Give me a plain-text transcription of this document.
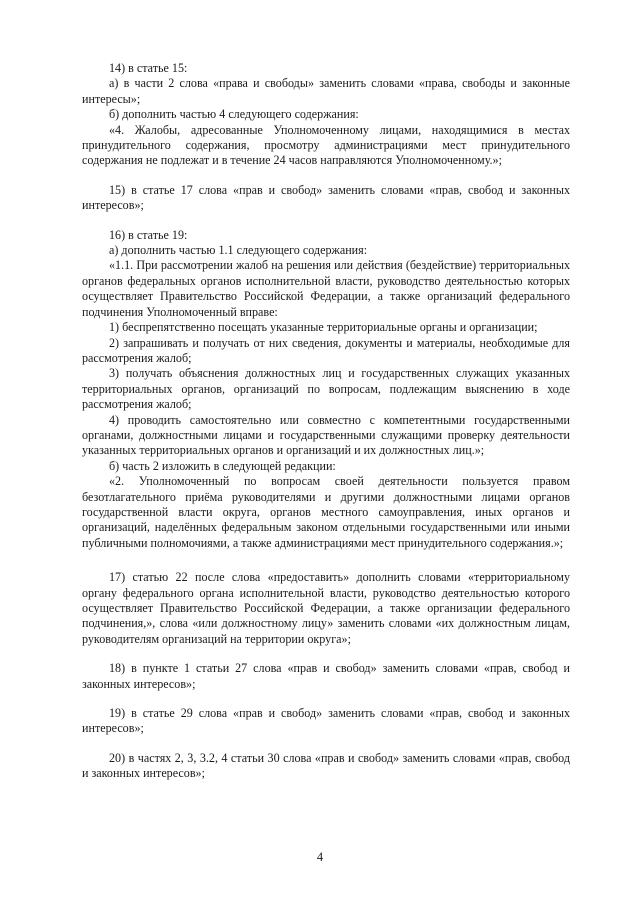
14) в статье 15:

а) в части 2 слова «права и свободы» заменить словами «права, свободы и законные интересы»;

б) дополнить частью 4 следующего содержания:

«4. Жалобы, адресованные Уполномоченному лицами, находящимися в местах принудительного содержания, просмотру администрациями мест принудительного содержания не подлежат и в течение 24 часов направляются Уполномоченному.»;

15) в статье 17 слова «прав и свобод» заменить словами «прав, свобод и законных интересов»;

16) в статье 19:

а) дополнить частью 1.1 следующего содержания:

«1.1. При рассмотрении жалоб на решения или действия (бездействие) территориальных органов федеральных органов исполнительной власти, руководство деятельностью которых осуществляет Правительство Российской Федерации, а также организаций федерального подчинения Уполномоченный вправе:

1) беспрепятственно посещать указанные территориальные органы и организации;

2) запрашивать и получать от них сведения, документы и материалы, необходимые для рассмотрения жалоб;

3) получать объяснения должностных лиц и государственных служащих указанных территориальных органов, организаций по вопросам, подлежащим выяснению в ходе рассмотрения жалоб;

4) проводить самостоятельно или совместно с компетентными государственными органами, должностными лицами и государственными служащими проверку деятельности указанных территориальных органов и организаций и их должностных лиц.»;

б) часть 2 изложить в следующей редакции:

«2. Уполномоченный по вопросам своей деятельности пользуется правом безотлагательного приёма руководителями и другими должностными лицами органов государственной власти округа, органов местного самоуправления, иных органов и организаций, наделённых федеральным законом отдельными государственными или иными публичными полномочиями, а также администрациями мест принудительного содержания.»;

17) статью 22 после слова «предоставить» дополнить словами «территориальному органу федерального органа исполнительной власти, руководство деятельностью которого осуществляет Правительство Российской Федерации, а также организации федерального подчинения,», слова «или должностному лицу» заменить словами «их должностным лицам, руководителям организаций на территории округа»;

18) в пункте 1 статьи 27 слова «прав и свобод» заменить словами «прав, свобод и законных интересов»;

19) в статье 29 слова «прав и свобод» заменить словами «прав, свобод и законных интересов»;

20) в частях 2, 3, 3.2, 4 статьи 30 слова «прав и свобод» заменить словами «прав, свобод и законных интересов»;

4
